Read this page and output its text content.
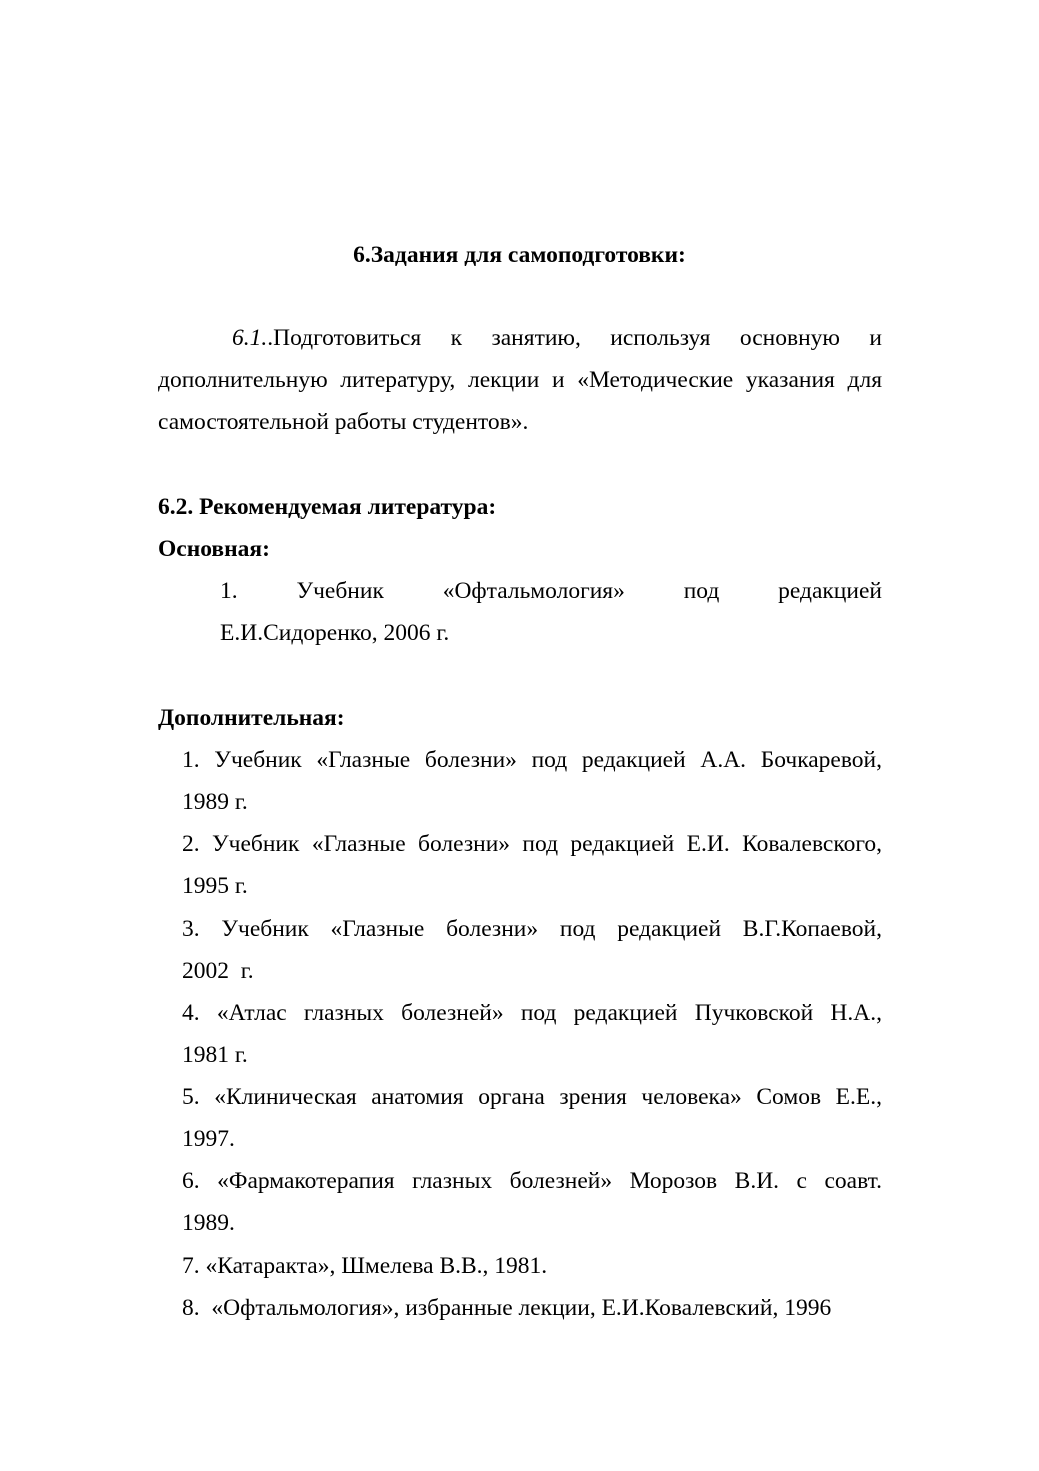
6.Задания для самоподготовки:
6.1..Подготовиться к занятию, используя основную и
дополнительную литературу, лекции и «Методические указания для
самостоятельной работы студентов».
6.2. Рекомендуемая литература:
Основная:
1.	Учебник	«Офтальмология»	под	редакцией
Е.И.Сидоренко, 2006 г.
Дополнительная:
1. Учебник «Глазные болезни» под редакцией А.А. Бочкаревой,
1989 г.
2. Учебник «Глазные болезни» под редакцией Е.И. Ковалевского,
1995 г.
3. Учебник «Глазные болезни» под редакцией В.Г.Копаевой,
2002  г.
4. «Атлас глазных болезней» под редакцией Пучковской Н.А.,
1981 г.
5. «Клиническая анатомия органа зрения человека» Сомов Е.Е.,
1997.
6. «Фармакотерапия глазных болезней» Морозов В.И. с соавт.
1989.
7. «Катаракта», Шмелева В.В., 1981.
8.  «Офтальмология», избранные лекции, Е.И.Ковалевский, 1996
